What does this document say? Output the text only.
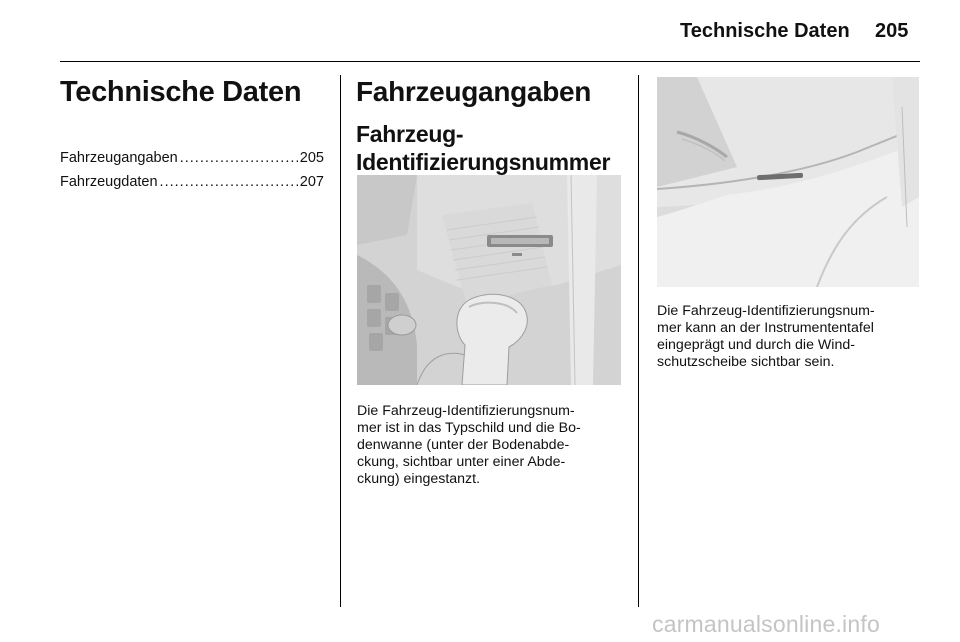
Technische Daten 205
Technische Daten
Fahrzeugangaben .....	205
Fahrzeugdaten .....	207
Fahrzeugangaben
Fahrzeug-
Identifizierungsnummer
Die Fahrzeug-Identifizierungsnum-
mer ist in das Typschild und die Bo-
denwanne (unter der Bodenabde-
ckung, sichtbar unter einer Abde-
ckung) eingestanzt.
Die Fahrzeug-Identifizierungsnum-
mer kann an der Instrumententafel
eingeprägt und durch die Wind-
schutzscheibe sichtbar sein.
carmanualsonline.info
